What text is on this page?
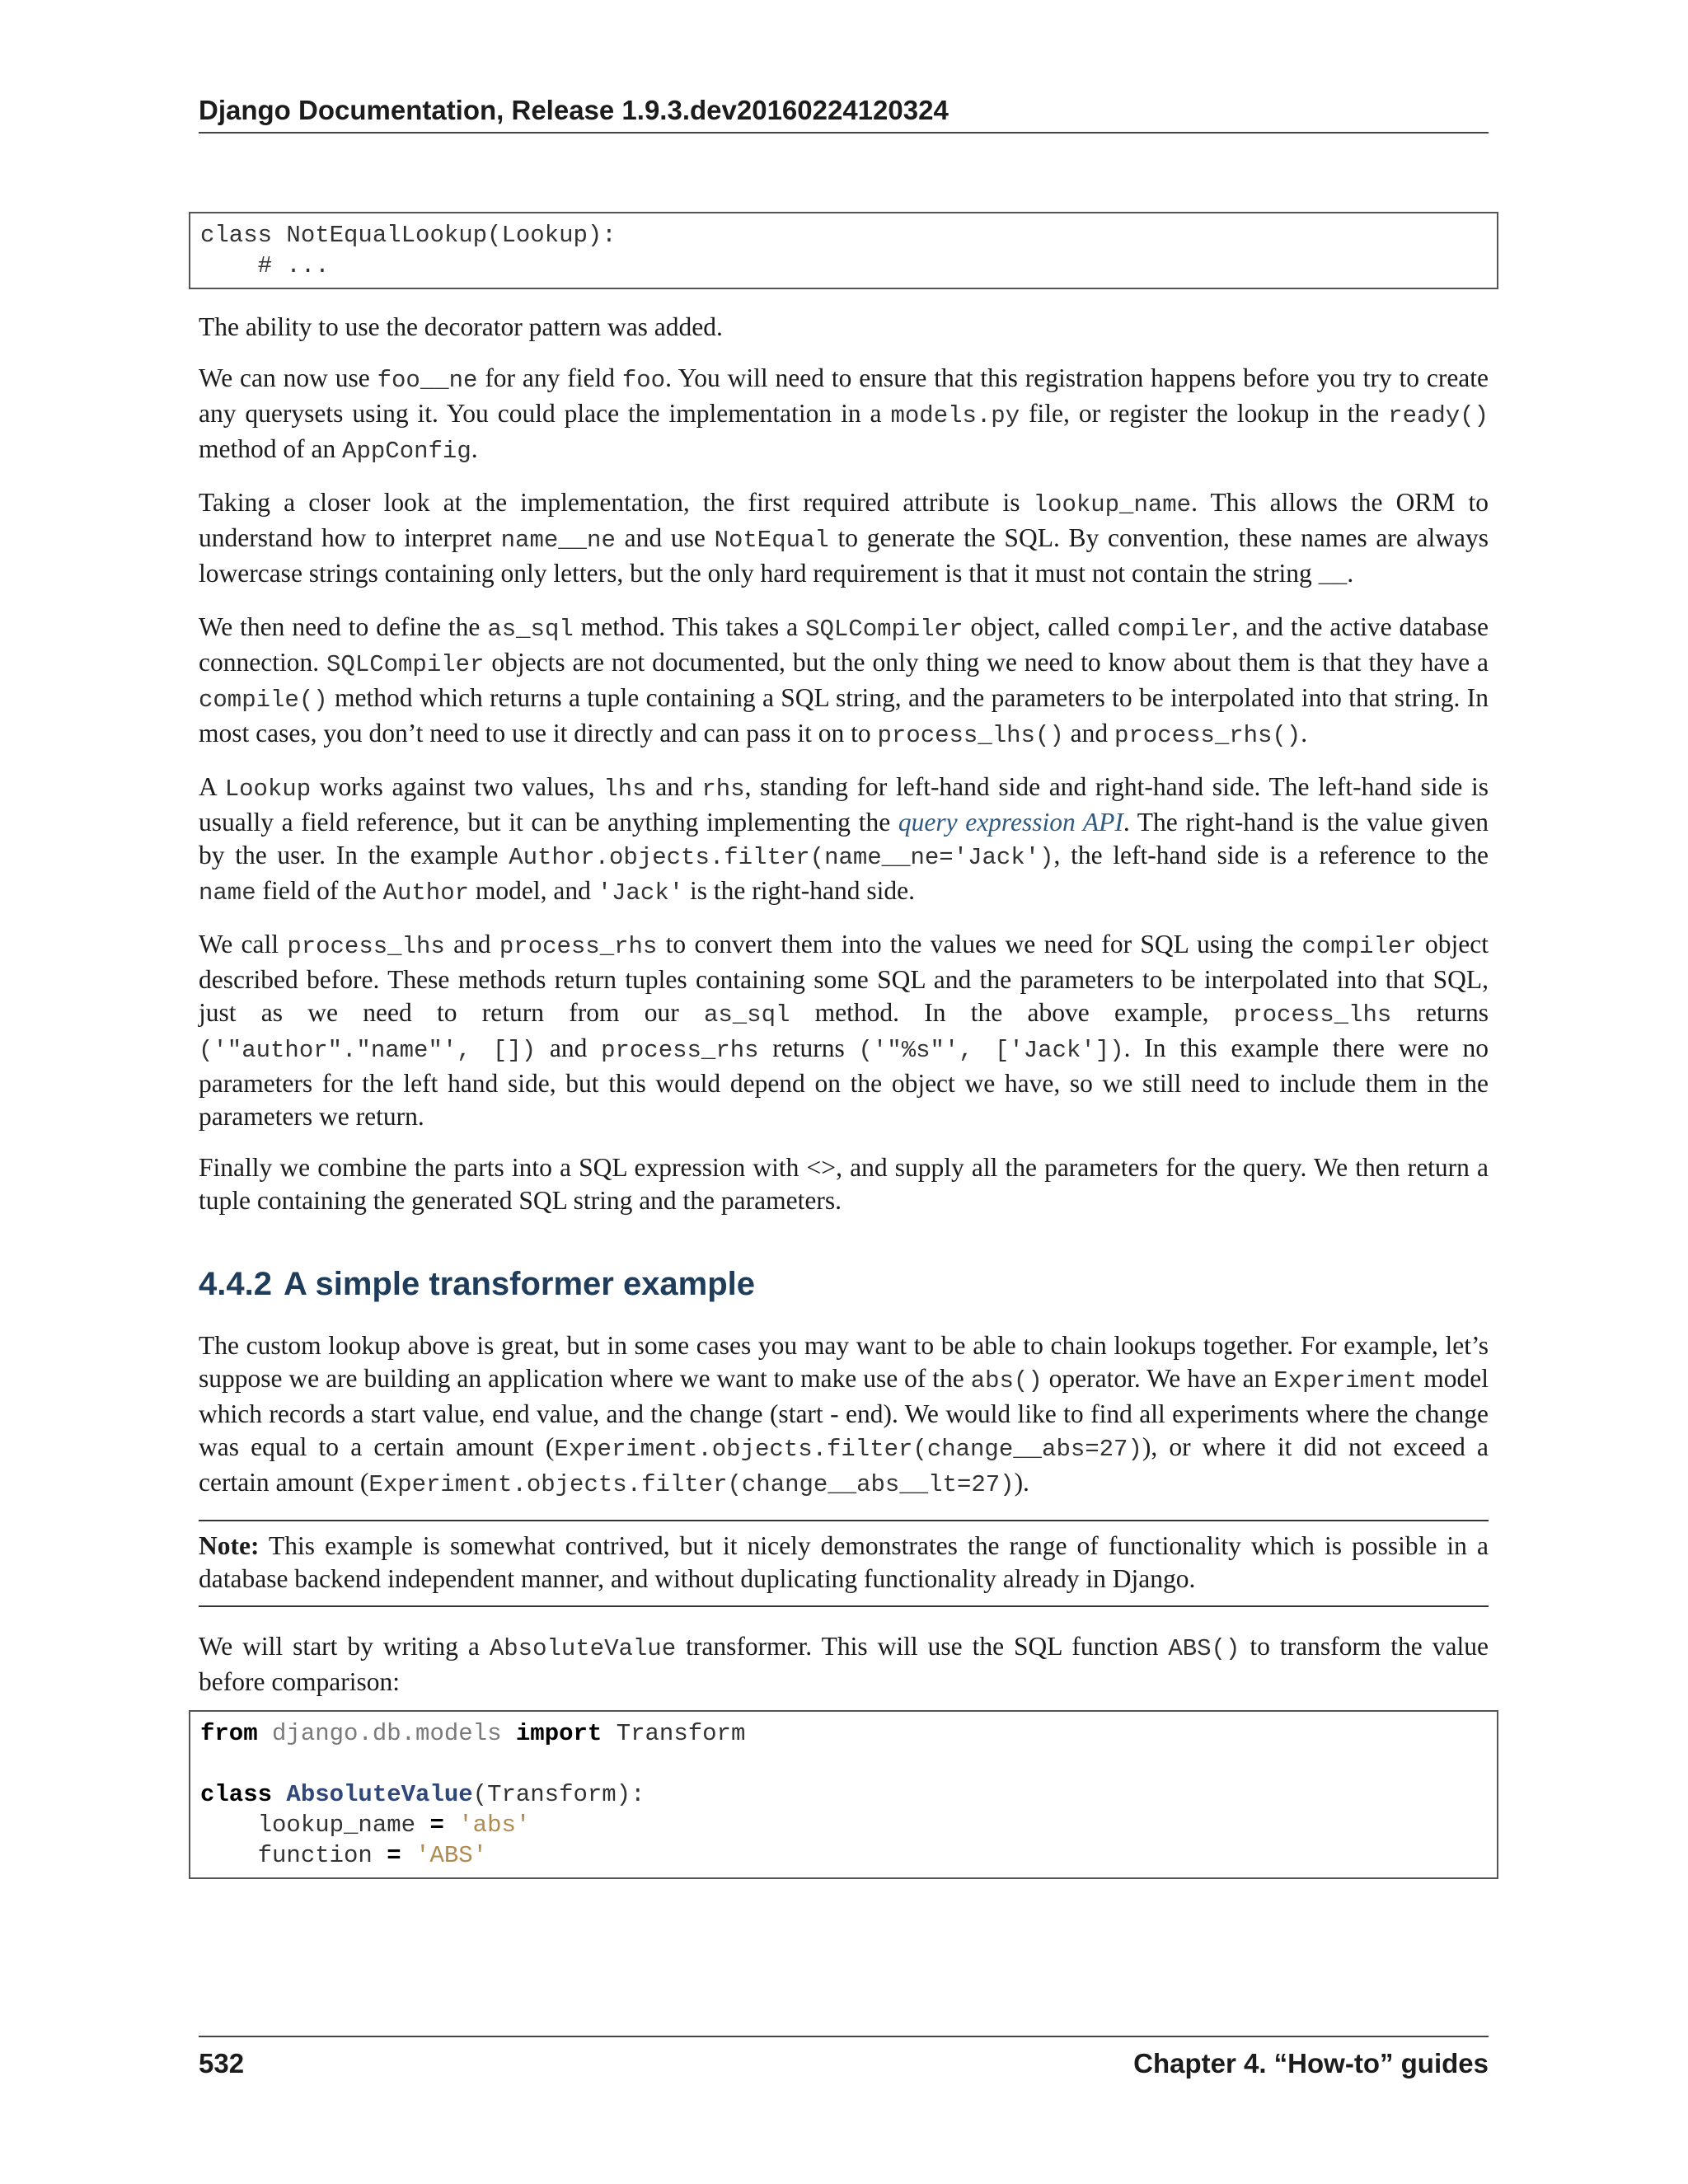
Django Documentation, Release 1.9.3.dev20160224120324
class NotEqualLookup(Lookup):
# ...

The ability to use the decorator pattern was added.

We can now use foo__ne for any field foo. You will need to ensure that this registration happens before you try to create any querysets using it. You could place the implementation in a models.py file, or register the lookup in the ready() method of an AppConfig.

Taking a closer look at the implementation, the first required attribute is lookup_name. This allows the ORM to understand how to interpret name__ne and use NotEqual to generate the SQL. By convention, these names are always lowercase strings containing only letters, but the only hard requirement is that it must not contain the string __.

We then need to define the as_sql method. This takes a SQLCompiler object, called compiler, and the active database connection. SQLCompiler objects are not documented, but the only thing we need to know about them is that they have a compile() method which returns a tuple containing a SQL string, and the parameters to be interpolated into that string. In most cases, you don’t need to use it directly and can pass it on to process_lhs() and process_rhs().

A Lookup works against two values, lhs and rhs, standing for left-hand side and right-hand side. The left-hand side is usually a field reference, but it can be anything implementing the query expression API. The right-hand is the value given by the user. In the example Author.objects.filter(name__ne='Jack'), the left-hand side is a reference to the name field of the Author model, and 'Jack' is the right-hand side.

We call process_lhs and process_rhs to convert them into the values we need for SQL using the compiler object described before. These methods return tuples containing some SQL and the parameters to be interpolated into that SQL, just as we need to return from our as_sql method. In the above example, process_lhs returns ('"author"."name"', []) and process_rhs returns ('"%s"', ['Jack']). In this example there were no parameters for the left hand side, but this would depend on the object we have, so we still need to include them in the parameters we return.

Finally we combine the parts into a SQL expression with <>, and supply all the parameters for the query. We then return a tuple containing the generated SQL string and the parameters.

4.4.2 A simple transformer example

The custom lookup above is great, but in some cases you may want to be able to chain lookups together. For example, let’s suppose we are building an application where we want to make use of the abs() operator. We have an Experiment model which records a start value, end value, and the change (start - end). We would like to find all experiments where the change was equal to a certain amount (Experiment.objects.filter(change__abs=27)), or where it did not exceed a certain amount (Experiment.objects.filter(change__abs__lt=27)).

Note: This example is somewhat contrived, but it nicely demonstrates the range of functionality which is possible in a database backend independent manner, and without duplicating functionality already in Django.

We will start by writing a AbsoluteValue transformer. This will use the SQL function ABS() to transform the value before comparison:

from django.db.models import Transform

class AbsoluteValue(Transform):
lookup_name = 'abs'
function = 'ABS'
532	Chapter 4. “How-to” guides
